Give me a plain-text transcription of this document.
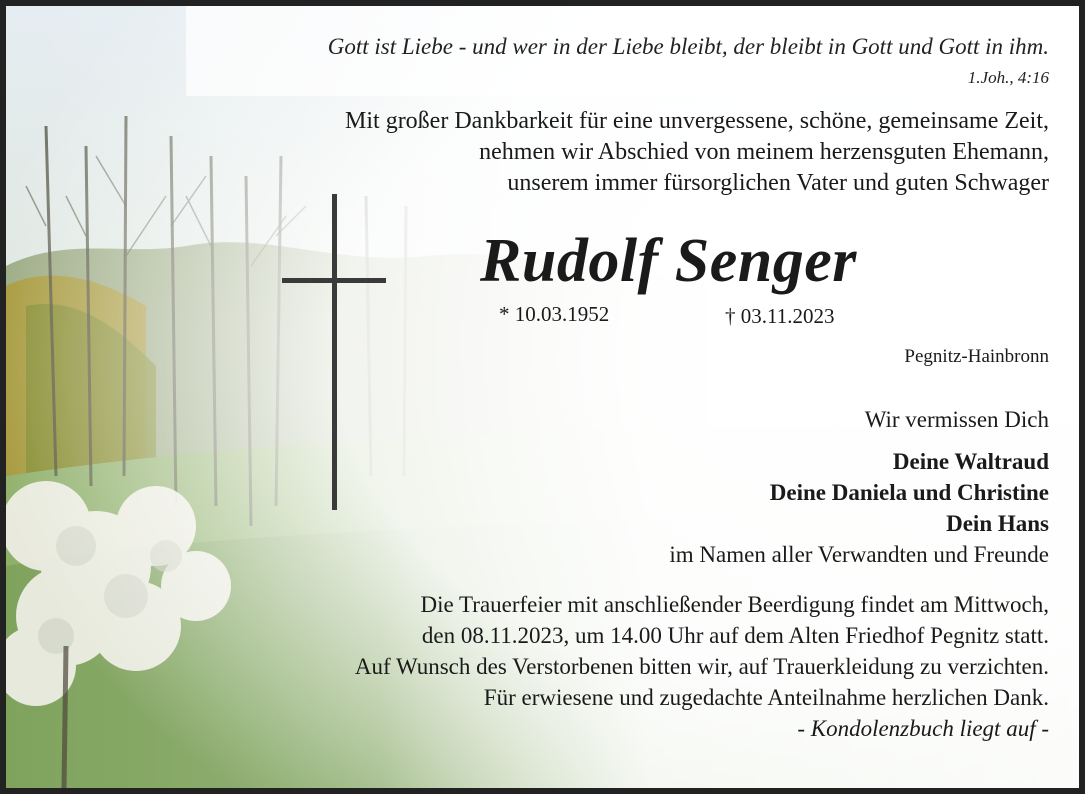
Gott ist Liebe - und wer in der Liebe bleibt, der bleibt in Gott und Gott in ihm.
1.Joh., 4:16
Mit großer Dankbarkeit für eine unvergessene, schöne, gemeinsame Zeit,
nehmen wir Abschied von meinem herzensguten Ehemann,
unserem immer fürsorglichen Vater und guten Schwager
Rudolf Senger
* 10.03.1952	† 03.11.2023
Pegnitz-Hainbronn
Wir vermissen Dich
Deine Waltraud
Deine Daniela und Christine
Dein Hans
im Namen aller Verwandten und Freunde
Die Trauerfeier mit anschließender Beerdigung findet am Mittwoch,
den 08.11.2023, um 14.00 Uhr auf dem Alten Friedhof Pegnitz statt.
Auf Wunsch des Verstorbenen bitten wir, auf Trauerkleidung zu verzichten.
Für erwiesene und zugedachte Anteilnahme herzlichen Dank.
- Kondolenzbuch liegt auf -
